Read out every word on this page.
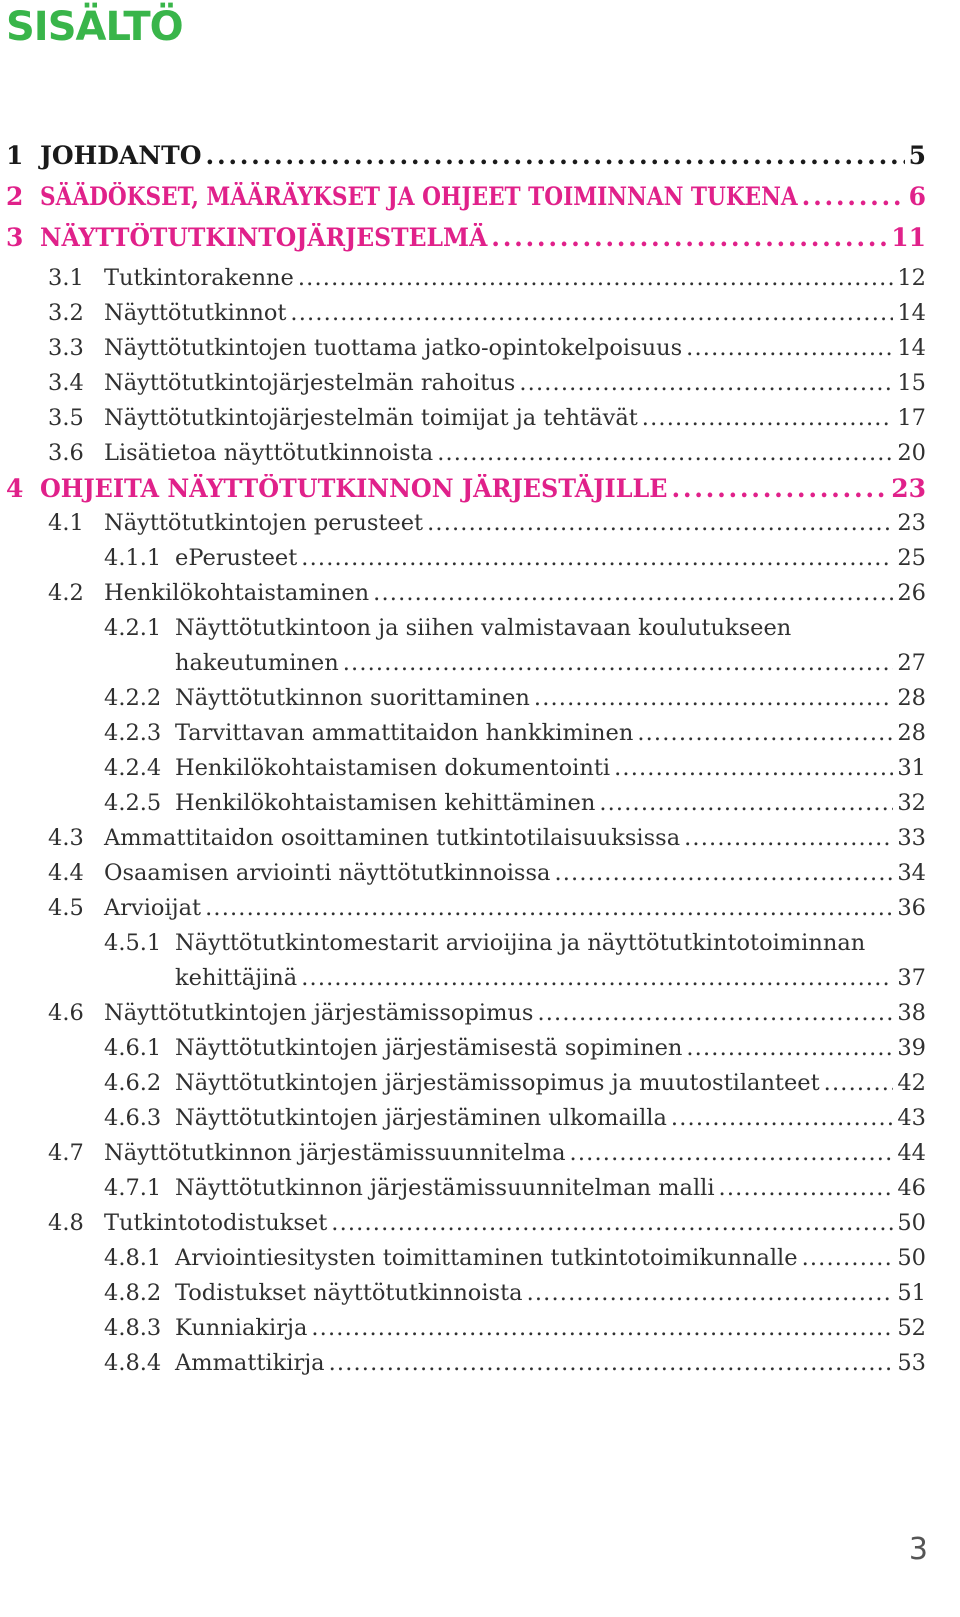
SISÄLTÖ
1 JOHDANTO	5
. . .
2 SÄÄDÖKSET, MÄÄRÄYKSET JA OHJEET TOIMINNAN TUKENA	6
. . .
3 NÄYTTÖTUTKINTOJÄRJESTELMÄ	11
. . .
3.1 Tutkintorakenne	12
. . .
3.2 Näyttötutkinnot	14
. . .
3.3 Näyttötutkintojen tuottama jatko-opintokelpoisuus	14
. . .
3.4 Näyttötutkintojärjestelmän rahoitus	15
. . .
3.5 Näyttötutkintojärjestelmän toimijat ja tehtävät	17
. . .
3.6 Lisätietoa näyttötutkinnoista	20
. . .
4 OHJEITA NÄYTTÖTUTKINNON JÄRJESTÄJILLE	23
. . .
4.1 Näyttötutkintojen perusteet	23
. . .
4.1.1 ePerusteet	25
. . .
4.2 Henkilökohtaistaminen	26
. . .
4.2.1 Näyttötutkintoon ja siihen valmistavaan koulutukseen
hakeutuminen	27
. . .
4.2.2 Näyttötutkinnon suorittaminen	28
. . .
4.2.3 Tarvittavan ammattitaidon hankkiminen	28
. . .
4.2.4 Henkilökohtaistamisen dokumentointi	31
. . .
4.2.5 Henkilökohtaistamisen kehittäminen	32
. . .
4.3 Ammattitaidon osoittaminen tutkintotilaisuuksissa	33
. . .
4.4 Osaamisen arviointi näyttötutkinnoissa	34
. . .
4.5 Arvioijat	36
. . .
4.5.1 Näyttötutkintomestarit arvioijina ja näyttötutkintotoiminnan
kehittäjinä	37
. . .
4.6 Näyttötutkintojen järjestämissopimus	38
. . .
4.6.1 Näyttötutkintojen järjestämisestä sopiminen	39
. . .
4.6.2 Näyttötutkintojen järjestämissopimus ja muutostilanteet	42
. . .
4.6.3 Näyttötutkintojen järjestäminen ulkomailla	43
. . .
4.7 Näyttötutkinnon järjestämissuunnitelma	44
. . .
4.7.1 Näyttötutkinnon järjestämissuunnitelman malli	46
. . .
4.8 Tutkintotodistukset	50
. . .
4.8.1 Arviointiesitysten toimittaminen tutkintotoimikunnalle	50
. . .
4.8.2 Todistukset näyttötutkinnoista	51
. . .
4.8.3 Kunniakirja	52
. . .
4.8.4 Ammattikirja	53
. . .
3
